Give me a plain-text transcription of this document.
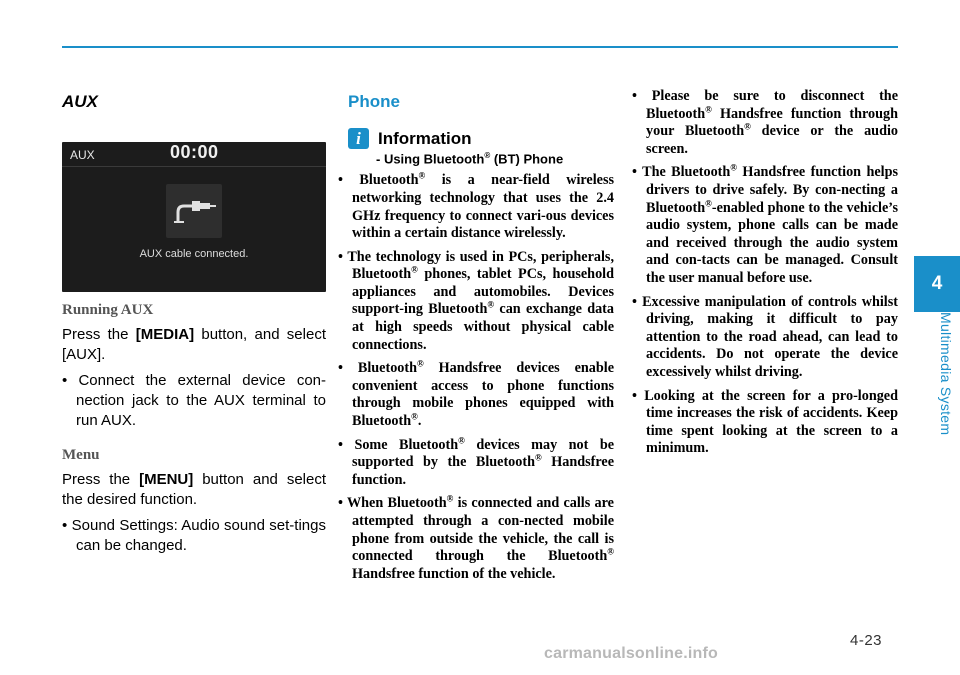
AUX
AUX	00:00
AUX cable connected.
Running AUX

Press the [MEDIA] button, and select [AUX].

• Connect the external device con-nection jack to the AUX terminal to run AUX.

Menu

Press the [MENU] button and select the desired function.

• Sound Settings: Audio sound set-tings can be changed.

Phone
i	Information
- Using Bluetooth® (BT) Phone

• Bluetooth® is a near-field wireless networking technology that uses the 2.4 GHz frequency to connect vari-ous devices within a certain distance wirelessly.

• The technology is used in PCs, peripherals, Bluetooth® phones, tablet PCs, household appliances and automobiles. Devices support-ing Bluetooth® can exchange data at high speeds without physical cable connections.

• Bluetooth® Handsfree devices enable convenient access to phone functions through mobile phones equipped with Bluetooth®.

• Some Bluetooth® devices may not be supported by the Bluetooth® Handsfree function.

• When Bluetooth® is connected and calls are attempted through a con-nected mobile phone from outside the vehicle, the call is connected through the Bluetooth® Handsfree function of the vehicle.

• Please be sure to disconnect the Bluetooth® Handsfree function through your Bluetooth® device or the audio screen.

• The Bluetooth® Handsfree function helps drivers to drive safely. By con-necting a Bluetooth®-enabled phone to the vehicle’s audio system, phone calls can be made and received through the audio system and con-tacts can be managed. Consult the user manual before use.

• Excessive manipulation of controls whilst driving, making it difficult to pay attention to the road ahead, can lead to accidents. Do not operate the device excessively whilst driving.

• Looking at the screen for a pro-longed time increases the risk of accidents. Keep time spent looking at the screen to a minimum.

4
Multimedia System
4-23
carmanualsonline.info
